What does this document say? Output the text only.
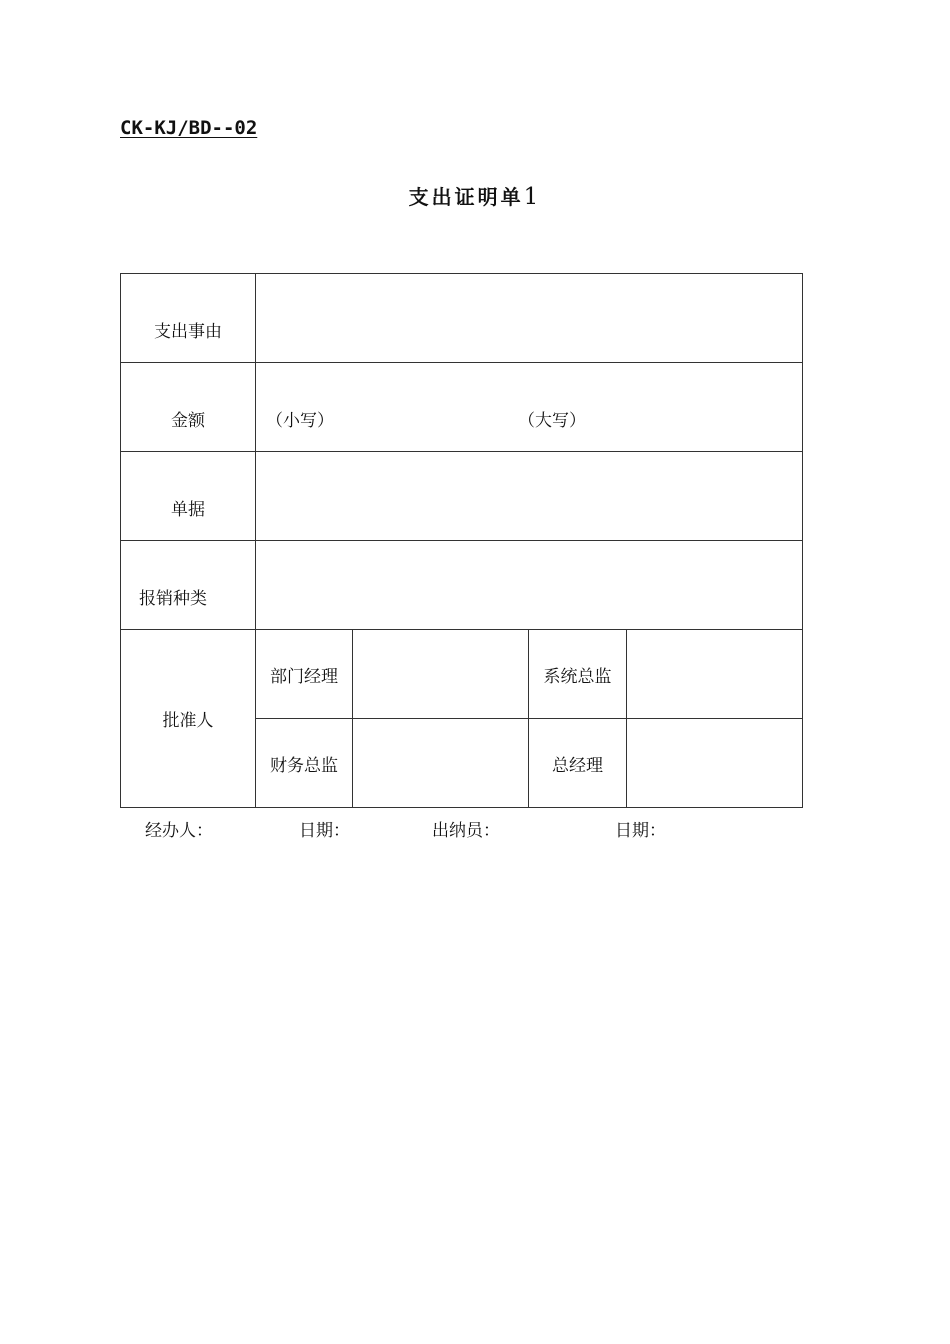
CK-KJ/BD--02
支出证明单1
支出事由				
金额	（小写） （大写）			

单据				
报销种类				
批准人	部门经理		系统总监	
	财务总监		总经理	
经办人：	日期：	出纳员：	日期：
